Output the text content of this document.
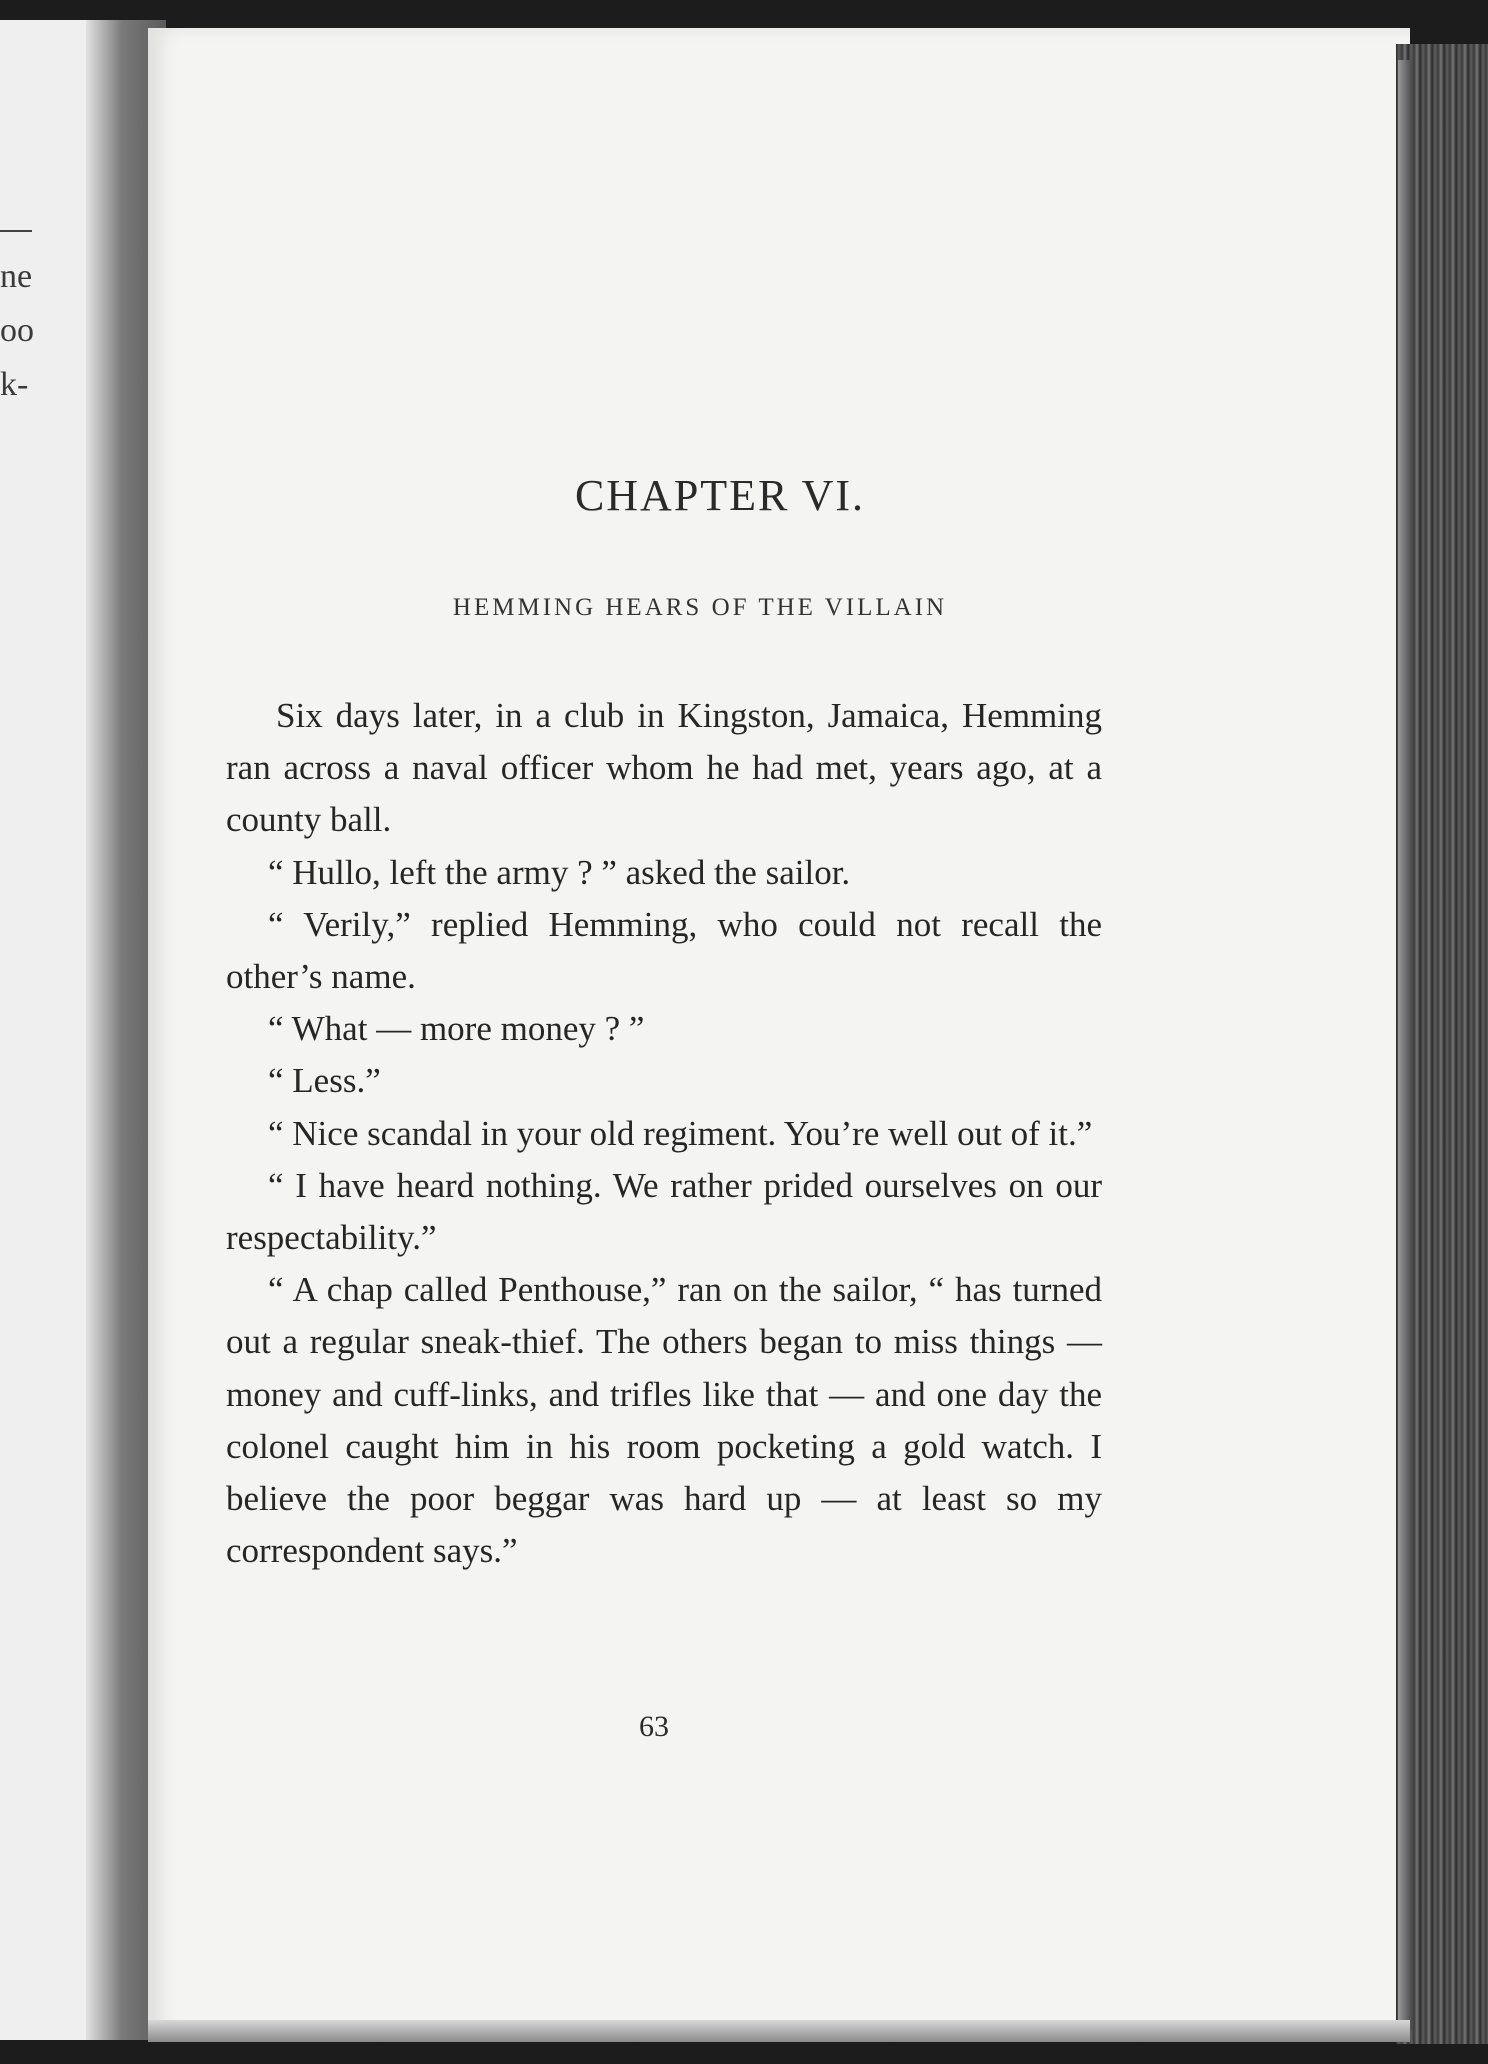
ne
oo
k-
CHAPTER VI.
HEMMING HEARS OF THE VILLAIN

Six days later, in a club in Kingston, Jamaica, Hemming ran across a naval officer whom he had met, years ago, at a county ball.

“ Hullo, left the army ? ” asked the sailor.

“ Verily,” replied Hemming, who could not recall the other’s name.

“ What — more money ? ”

“ Less.”

“ Nice scandal in your old regiment. You’re well out of it.”

“ I have heard nothing. We rather prided ourselves on our respectability.”

“ A chap called Penthouse,” ran on the sailor, “ has turned out a regular sneak-thief. The others began to miss things — money and cuff-links, and trifles like that — and one day the colonel caught him in his room pocketing a gold watch. I believe the poor beggar was hard up — at least so my correspondent says.”

63
